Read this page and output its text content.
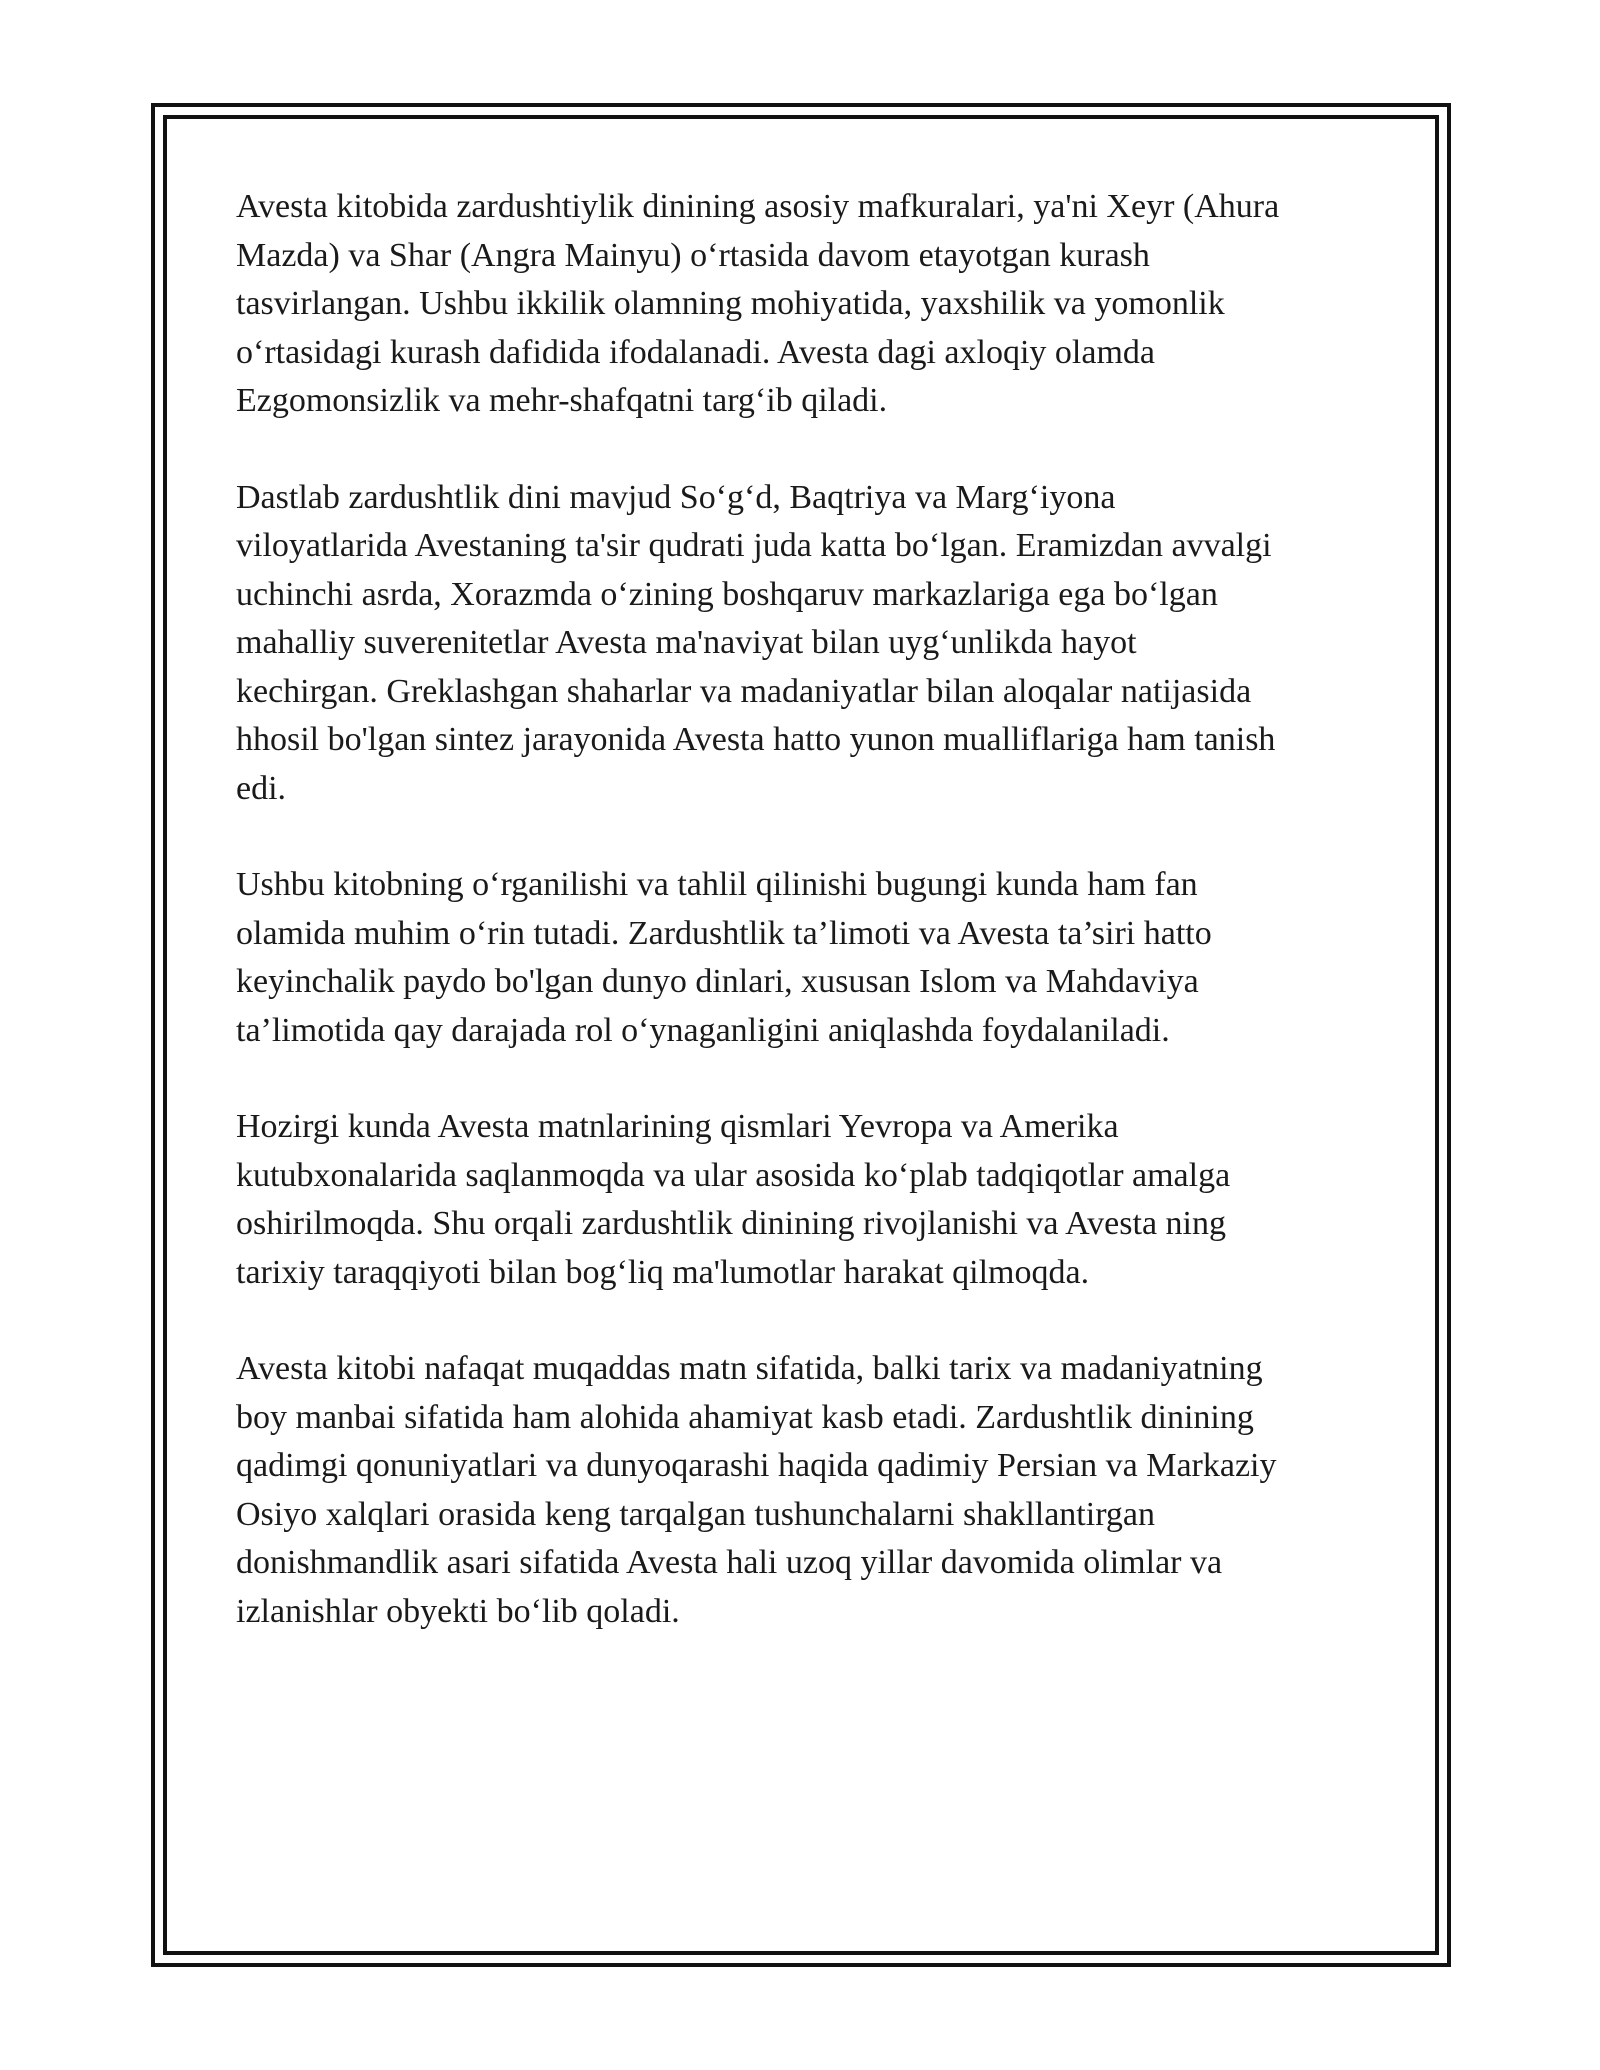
Avesta kitobida zardushtiylik dinining asosiy mafkuralari, ya'ni Xeyr (Ahura
Mazda) va Shar (Angra Mainyu) o‘rtasida davom etayotgan kurash
tasvirlangan. Ushbu ikkilik olamning mohiyatida, yaxshilik va yomonlik
o‘rtasidagi kurash dafidida ifodalanadi. Avesta dagi axloqiy olamda
Ezgomonsizlik va mehr-shafqatni targ‘ib qiladi.

Dastlab zardushtlik dini mavjud So‘g‘d, Baqtriya va Marg‘iyona
viloyatlarida Avestaning ta'sir qudrati juda katta bo‘lgan. Eramizdan avvalgi
uchinchi asrda, Xorazmda o‘zining boshqaruv markazlariga ega bo‘lgan
mahalliy suverenitetlar Avesta ma'naviyat bilan uyg‘unlikda hayot
kechirgan. Greklashgan shaharlar va madaniyatlar bilan aloqalar natijasida
hhosil bo'lgan sintez jarayonida Avesta hatto yunon mualliflariga ham tanish
edi.

Ushbu kitobning o‘rganilishi va tahlil qilinishi bugungi kunda ham fan
olamida muhim o‘rin tutadi. Zardushtlik ta’limoti va Avesta ta’siri hatto
keyinchalik paydo bo'lgan dunyo dinlari, xususan Islom va Mahdaviya
ta’limotida qay darajada rol o‘ynaganligini aniqlashda foydalaniladi.

Hozirgi kunda Avesta matnlarining qismlari Yevropa va Amerika
kutubxonalarida saqlanmoqda va ular asosida ko‘plab tadqiqotlar amalga
oshirilmoqda. Shu orqali zardushtlik dinining rivojlanishi va Avesta ning
tarixiy taraqqiyoti bilan bog‘liq ma'lumotlar harakat qilmoqda.

Avesta kitobi nafaqat muqaddas matn sifatida, balki tarix va madaniyatning
boy manbai sifatida ham alohida ahamiyat kasb etadi. Zardushtlik dinining
qadimgi qonuniyatlari va dunyoqarashi haqida qadimiy Persian va Markaziy
Osiyo xalqlari orasida keng tarqalgan tushunchalarni shakllantirgan
donishmandlik asari sifatida Avesta hali uzoq yillar davomida olimlar va
izlanishlar obyekti bo‘lib qoladi.
